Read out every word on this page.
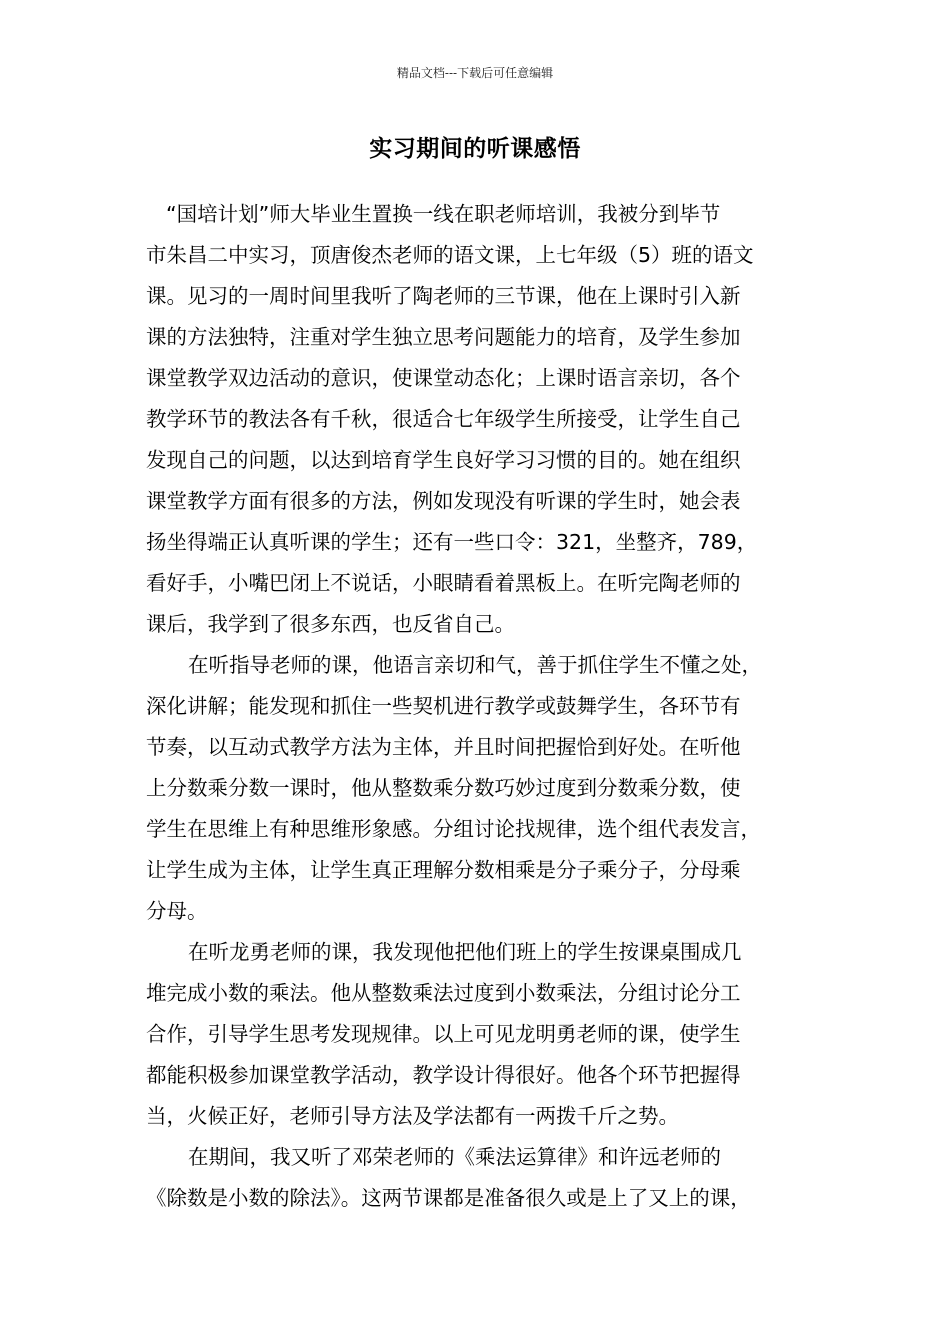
精品文档---下载后可任意编辑
实习期间的听课感悟
“国培计划”师大毕业生置换一线在职老师培训，我被分到毕节
市朱昌二中实习，顶唐俊杰老师的语文课，上七年级（5）班的语文
课。见习的一周时间里我听了陶老师的三节课，他在上课时引入新
课的方法独特，注重对学生独立思考问题能力的培育，及学生参加
课堂教学双边活动的意识，使课堂动态化；上课时语言亲切，各个
教学环节的教法各有千秋，很适合七年级学生所接受，让学生自己
发现自己的问题，以达到培育学生良好学习习惯的目的。她在组织
课堂教学方面有很多的方法，例如发现没有听课的学生时，她会表
扬坐得端正认真听课的学生；还有一些口令：321，坐整齐，789，
看好手，小嘴巴闭上不说话，小眼睛看着黑板上。在听完陶老师的
课后，我学到了很多东西，也反省自己。
在听指导老师的课，他语言亲切和气，善于抓住学生不懂之处，
深化讲解；能发现和抓住一些契机进行教学或鼓舞学生，各环节有
节奏，以互动式教学方法为主体，并且时间把握恰到好处。在听他
上分数乘分数一课时，他从整数乘分数巧妙过度到分数乘分数，使
学生在思维上有种思维形象感。分组讨论找规律，选个组代表发言，
让学生成为主体，让学生真正理解分数相乘是分子乘分子，分母乘
分母。
在听龙勇老师的课，我发现他把他们班上的学生按课桌围成几
堆完成小数的乘法。他从整数乘法过度到小数乘法，分组讨论分工
合作，引导学生思考发现规律。以上可见龙明勇老师的课，使学生
都能积极参加课堂教学活动，教学设计得很好。他各个环节把握得
当，火候正好，老师引导方法及学法都有一两拨千斤之势。
在期间，我又听了邓荣老师的《乘法运算律》和许远老师的
《除数是小数的除法》。这两节课都是准备很久或是上了又上的课，
